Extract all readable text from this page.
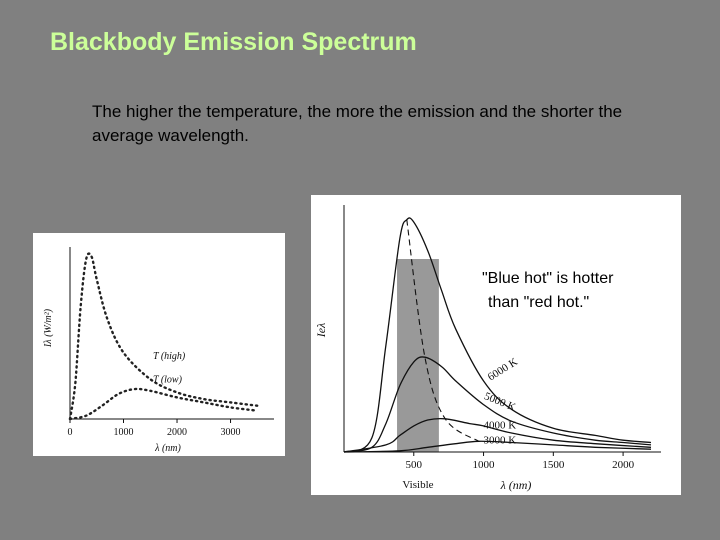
Blackbody Emission Spectrum
The higher the temperature, the more the emission and the shorter the average wavelength.
0	1000	2000	3000
λ (nm)
Iλ (W/m²)
T (high)
T (low)
Visible
500	1000	1500	2000
λ (nm)
Ieλ
6000 K
5000 K
4000 K
3000 K
"Blue hot" is hotter
than "red hot."
